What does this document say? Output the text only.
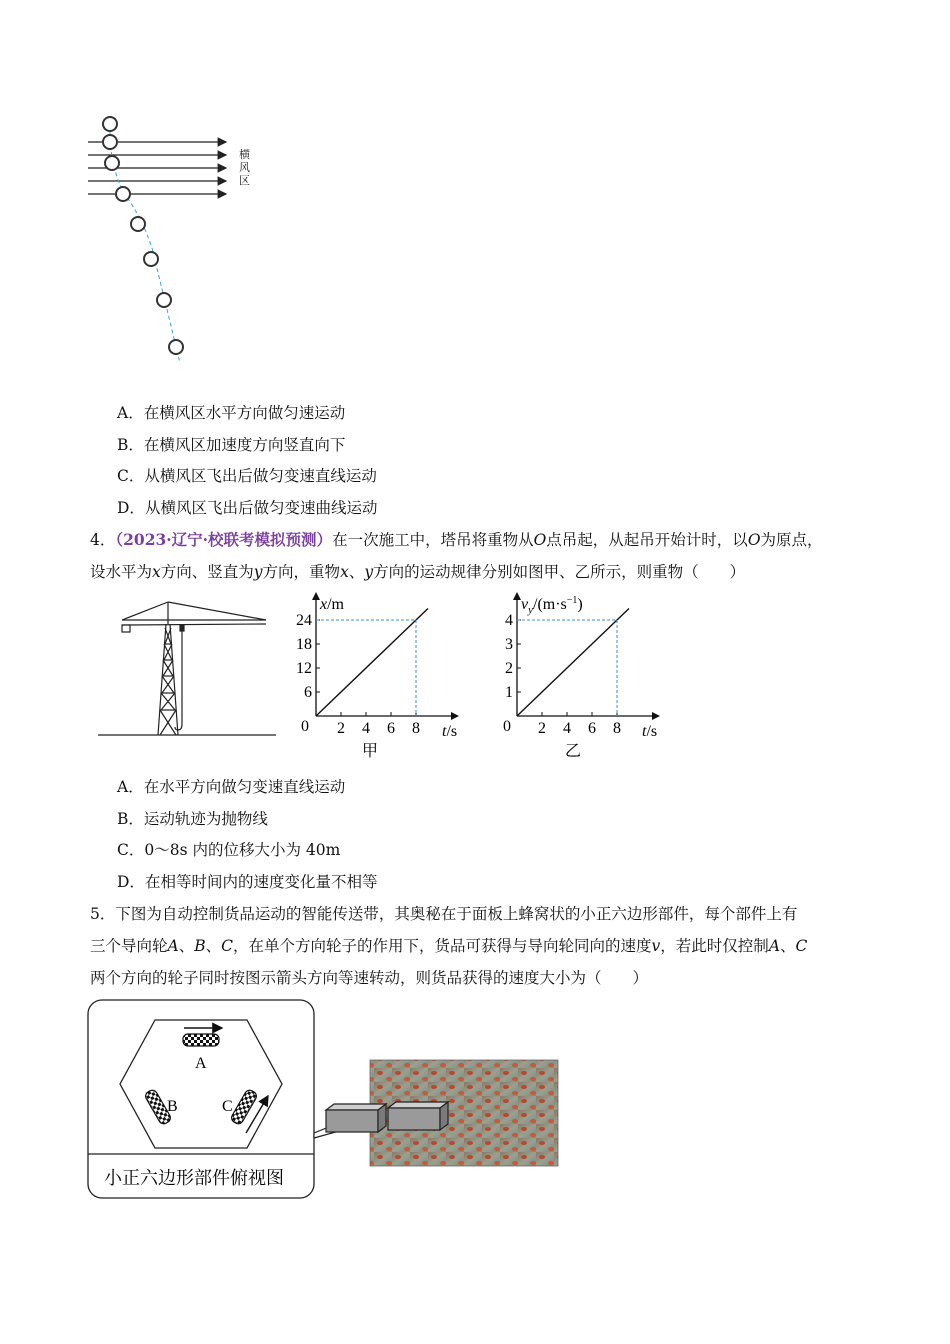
横
风
区
A．在横风区水平方向做匀速运动
B．在横风区加速度方向竖直向下
C．从横风区飞出后做匀变速直线运动
D．从横风区飞出后做匀变速曲线运动
4．（2023·辽宁·校联考模拟预测）在一次施工中，塔吊将重物从O点吊起，从起吊开始计时，以O为原点，
设水平为x方向、竖直为y方向，重物x、y方向的运动规律分别如图甲、乙所示，则重物（　　）
2 4 6 8
6
12
18
24
x/m
t/s
0
甲
2 4 6 8
1
2
3
4
$v_y/(m\cdot s^{-1})$
t/s
0
乙
A．在水平方向做匀变速直线运动
B．运动轨迹为抛物线
C．0～8s 内的位移大小为 40m
D．在相等时间内的速度变化量不相等
5．下图为自动控制货品运动的智能传送带，其奥秘在于面板上蜂窝状的小正六边形部件，每个部件上有
三个导向轮A、B、C，在单个方向轮子的作用下，货品可获得与导向轮同向的速度v，若此时仅控制A、C
两个方向的轮子同时按图示箭头方向等速转动，则货品获得的速度大小为（　　）
A
B	C
小正六边形部件俯视图
